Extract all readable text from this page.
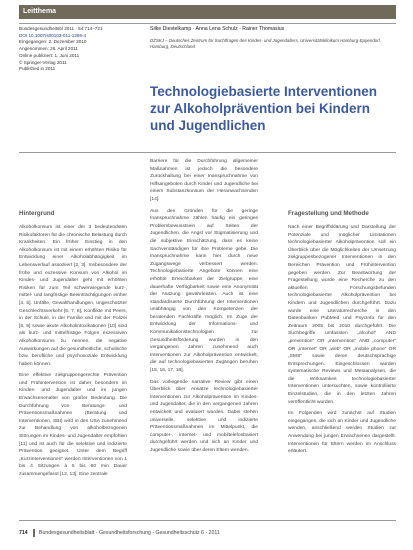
Leitthema
Bundesgesundheitsbl 2011 · 54:714–721
DOI 10.1007/s00103-011-1286-4
Eingegangen: 2. Dezember 2010
Angenommen: 26. April 2011
Online publiziert: 1. Juni 2011
© Springer-Verlag 2011
Published in 2011
Silke Diestelkamp · Anna Lena Schulz · Rainer Thomasius
DZSKJ – Deutsches Zentrum für Suchtfragen des Kindes- und Jugendalters, Universitätsklinikum Hamburg-Eppendorf, Hamburg, Deutschland
Technologiebasierte Interventionen zur Alkoholprävention bei Kindern und Jugendlichen
Hintergrund

Alkoholkonsum ist einer der 3 bedeutendsten Risikofaktoren für die chronische Belastung durch Krankheiten. Ein früher Einstieg in den Alkoholkonsum ist mit einem erhöhten Risiko für Entwicklung einer Alkoholabhängigkeit im Lebensverlauf assoziiert [2, 3]. Insbesondere der frühe und exzessive Konsum von Alkohol im Kindes- und Jugendalter geht mit erhöhten Risiken für zum Teil schwerwiegende kurz-, mittel- und langfristige Beeinträchtigungen einher [4, 5]. Unfälle, Gewalthandlungen, ungeschützter Geschlechtsverkehr [6, 7, 8], Konflikte mit Peers, in der Schule, in der Familie und mit der Polizei [6, 9] sowie akute Alkoholintoxikationen [10] sind als kurz- und mittelfristige Folgen exzessiven Alkoholkonsums zu nennen, die negative Auswirkungen auf die gesundheitliche, schulische bzw. berufliche und psychosoziale Entwicklung haben können.

Eine effektive zielgruppengerechte Prävention und Frühintervention ist daher besonders im Kindes- und Jugendalter und im jungen Erwachsenenalter von großer Bedeutung. Die Durchführung von Beratungs- und Präventionsmaßnahmen (Beratung und Interventionen, SBI) wird in den USA zunehmend zur Behandlung von alkoholbezogenen Störungen im Kindes- und Jugendalter empfohlen [11] und ist auch für die selektive und indizierte Prävention geeignet. Unter dem Begriff „Kurzinterventionen“ werden Interventionen von 1 bis 4 Sitzungen à 5 bis 60 min Dauer zusammengefasst [12, 13]. Eine zentrale

Barriere für die Durchführung allgemeiner Maßnahmen ist jedoch die besondere Zurückhaltung bei einer Inanspruchnahme von Hilfsangeboten durch Kinder und Jugendliche bei einem Substanzkonsum der Heranwachsenden [14].

Aus den Gründen für die geringe Inanspruchnahme zählen häufig ein geringes Problembewusstsein auf Seiten der Jugendlichen, die Angst vor Stigmatisierung und die subjektive Einschätzung, dass es keine Sachverständigen für ihre Probleme gebe. Die Inanspruchnahme kann hier durch neue Zugangswege verbessert werden. Technologiebasierte Angebote können eine erhöhte Erreichbarkeit der Zielgruppe, eine dauerhafte Verfügbarkeit sowie eine Anonymität der Nutzung gewährleisten. Auch ist eine standardisierte Durchführung der Interventionen unabhängig von den Kompetenzen der beratenden Fachkräfte möglich. Im Zuge der Entwicklung der Informations- und Kommunikationstechnologien zur Gesundheitsförderung wurden in den vergangenen Jahren zunehmend auch Interventionen zur Alkoholprävention entwickelt, die auf technologiebasierten Zugängen beruhen [15, 16, 17, 18].

Das vorliegende narrative Review gibt einen Überblick über Ansätze technologiebasierter Interventionen zur Alkoholprävention im Kindes- und Jugendalter, die in den vergangenen Jahren entwickelt und evaluiert wurden. Dabei stehen universelle, selektive und indizierte Präventionsmaßnahmen im Mittelpunkt, die computer-, internet- und mobiltelefonbasiert durchgeführt werden und sich an Kinder und Jugendliche sowie über deren Eltern wenden.

Fragestellung und Methode

Nach einer Begriffsklärung und Darstellung der Potenziale und möglicher Limitationen technologiebasierter Alkoholprävention soll ein Überblick über die Möglichkeiten der Umsetzung zielgruppenbezogener Interventionen in den Bereichen Prävention und Frühintervention gegeben werden. Zur Beantwortung der Fragestellung wurde eine Recherche zu den aktuellen Forschungsbefunden technologiebasierter Alkoholprävention bei Kindern und Jugendlichen durchgeführt. Dazu wurde eine Literaturrecherche in den Datenbanken PubMed und PsycInfo für den Zeitraum 2005 bis 2010 durchgeführt. Die Suchbegriffe umfassten „alcohol“ AND „prevention“ OR „intervention“ AND „computer“ OR „internet“ OR „web“ OR „mobile phone“ OR „SMS“ sowie deren deutschsprachige Entsprechungen. Eingeschlossen wurden systematische Reviews und Metaanalysen, die die Wirksamkeit technologiebasierter Interventionen untersuchten, sowie kontrollierte Einzelstudien, die in den letzten Jahren veröffentlicht wurden.

Im Folgenden wird zunächst auf Studien eingegangen, die sich an Kinder und Jugendliche wenden, anschließend werden Studien zur Anwendung bei jungen Erwachsenen dargestellt. Interventionen für Eltern werden im Anschluss erläutert.

714 Bundesgesundheitsblatt - Gesundheitsforschung - Gesundheitsschutz 6 · 2011
